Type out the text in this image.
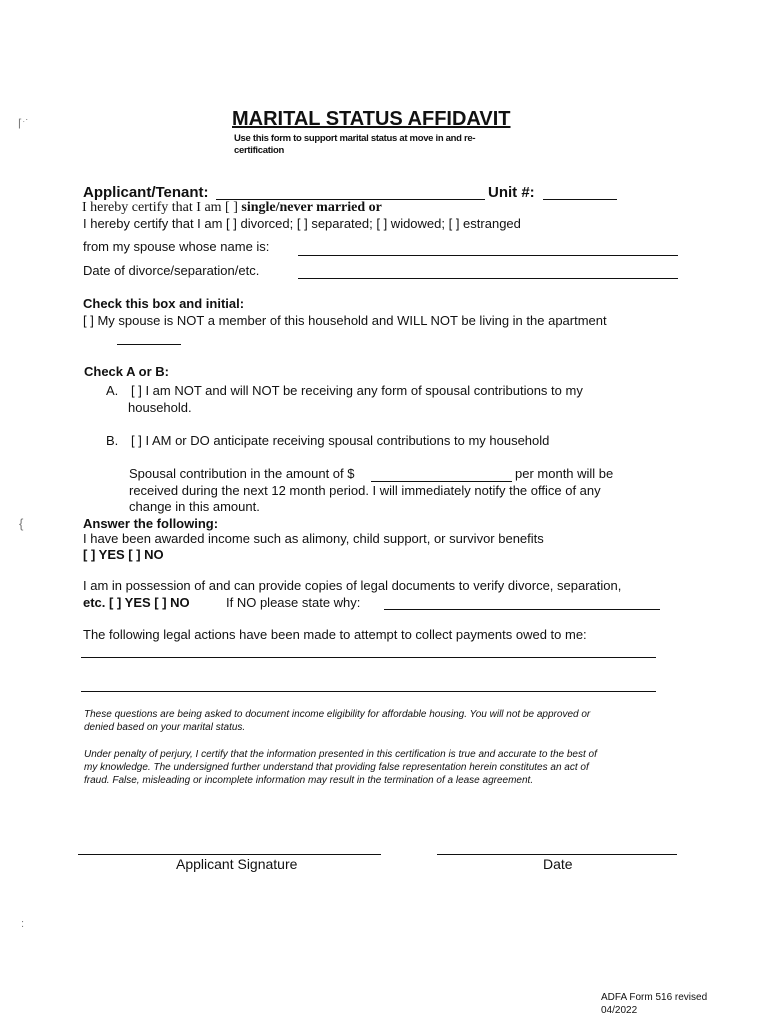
⌈ˑ˙
{
MARITAL STATUS AFFIDAVIT
Use this form to support marital status at move in and re-
certification
Applicant/Tenant:	Unit #:
I hereby certify that I am [ ] single/never married or
I hereby certify that I am [ ] divorced; [ ] separated; [ ] widowed; [ ] estranged
from my spouse whose name is:
Date of divorce/separation/etc.
Check this box and initial:
[ ] My spouse is NOT a member of this household and WILL NOT be living in the apartment
Check A or B:
A. [ ] I am NOT and will NOT be receiving any form of spousal contributions to my
household.
B. [ ] I AM or DO anticipate receiving spousal contributions to my household
Spousal contribution in the amount of $	per month will be
received during the next 12 month period. I will immediately notify the office of any
change in this amount.
Answer the following:
I have been awarded income such as alimony, child support, or survivor benefits
[ ] YES [ ] NO
I am in possession of and can provide copies of legal documents to verify divorce, separation,
etc. [ ] YES [ ] NO	If NO please state why:
The following legal actions have been made to attempt to collect payments owed to me:
These questions are being asked to document income eligibility for affordable housing. You will not be approved or
denied based on your marital status.
Under penalty of perjury, I certify that the information presented in this certification is true and accurate to the best of
my knowledge. The undersigned further understand that providing false representation herein constitutes an act of
fraud. False, misleading or incomplete information may result in the termination of a lease agreement.
Applicant Signature	Date
:
ADFA Form 516 revised
04/2022
